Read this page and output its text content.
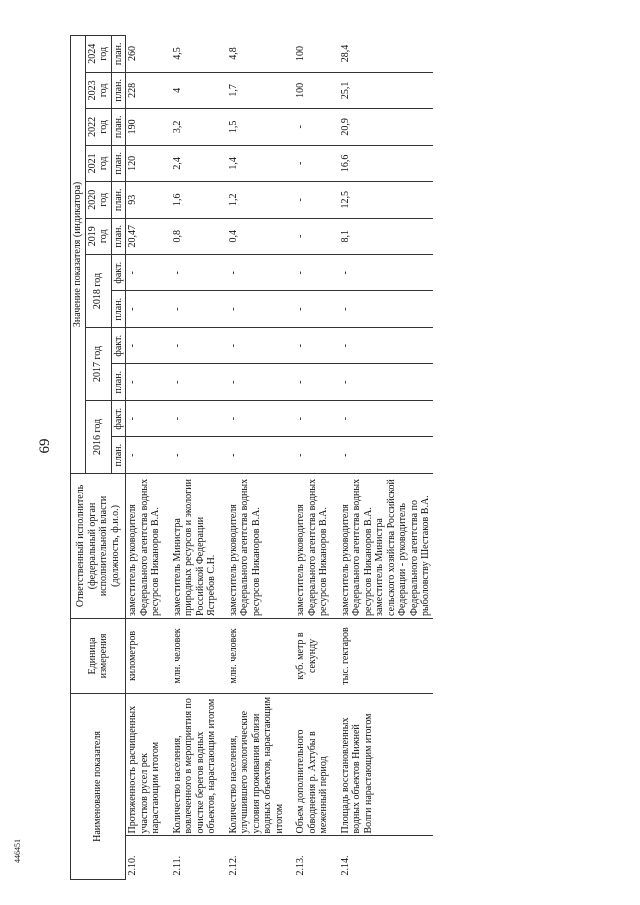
69
446451
Наименование показателя		Единица измерения	Ответственный исполнитель (федеральный орган исполнительной власти (должность, ф.и.о.)	Значение показателя (индикатора)											
				2016 год		2017 год		2018 год		2019 год	2020 год	2021 год	2022 год	2023 год	2024 год
				план.	факт.	план.	факт.	план.	факт.	план.	план.	план.	план.	план.	план.
2.10.	Протяженность расчищенных участков русел рек нарастающим итогом	километров	заместитель руководителя Федерального агентства водных ресурсов Никаноров В.А.	-	-	-	-	-	-	20,47	93	120	190	228	260

2.11.	Количество населения, вовлеченного в мероприятия по очистке берегов водных объектов, нарастающим итогом	млн. человек	заместитель Министра природных ресурсов и экологии Российской Федерации Ястребов С.Н.	-	-	-	-	-	-	0,8	1,6	2,4	3,2	4	4,5

2.12.	Количество населения, улучшившего экологические условия проживания вблизи водных объектов, нарастающим итогом	млн. человек	заместитель руководителя Федерального агентства водных ресурсов Никаноров В.А.	-	-	-	-	-	-	0,4	1,2	1,4	1,5	1,7	4,8

2.13.	Объем дополнительного обводнения р. Ахтубы в меженный период	куб. метр в секунду	заместитель руководителя Федерального агентства водных ресурсов Никаноров В.А.	-	-	-	-	-	-	-	-	-	-	100	100

2.14.	Площадь восстановленных водных объектов Нижней Волги нарастающим итогом	тыс. гектаров	заместитель руководителя Федерального агентства водных ресурсов Никаноров В.А. заместитель Министра сельского хозяйства Российской Федерации - руководитель Федерального агентства по рыболовству Шестаков В.А.	-	-	-	-	-	-	8,1	12,5	16,6	20,9	25,1	28,4
